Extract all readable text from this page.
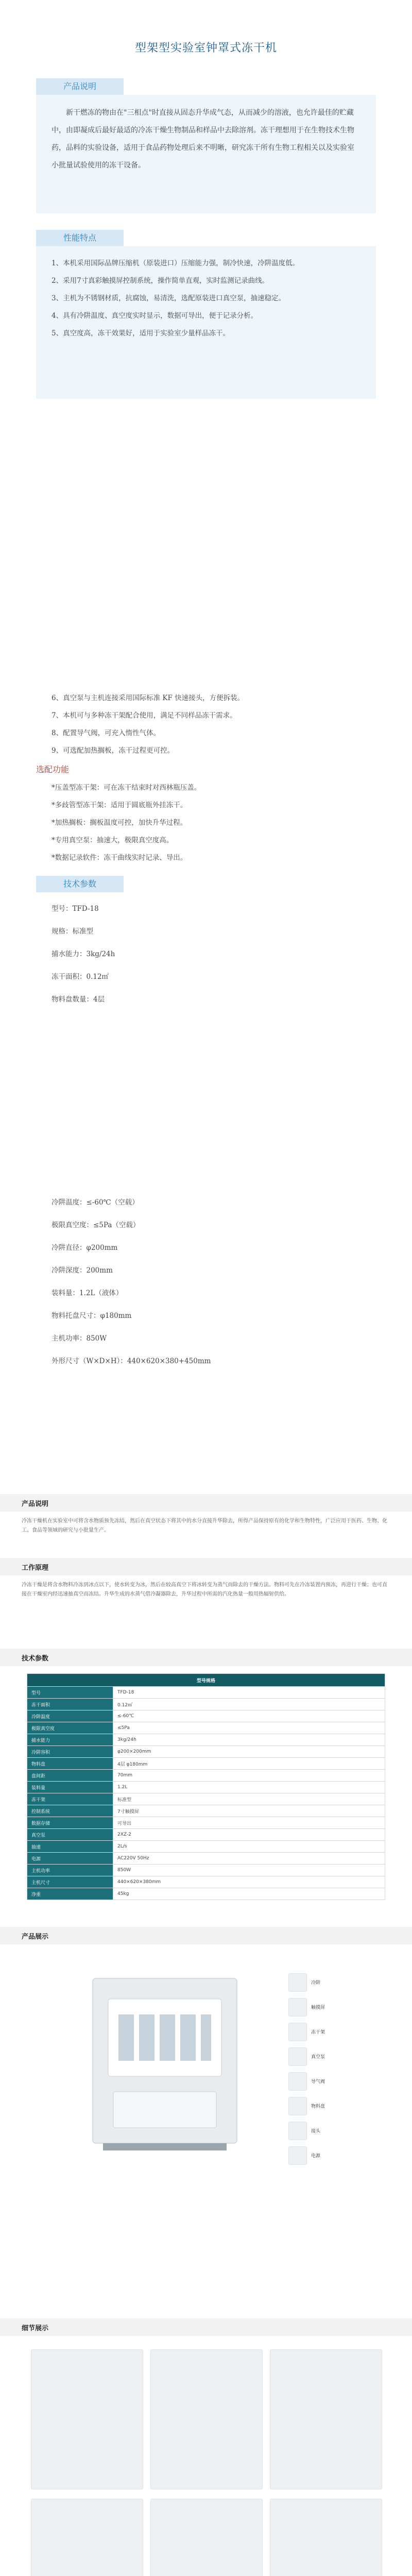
型架型实验室钟罩式冻干机
产品说明
新干燃冻的物由在"三相点"时直接从固态升华成气态，从而减少的溶液，也允许最佳的贮藏中，由即凝成后最好最适的冷冻干燥生物制品和样品中去除溶剂。冻干理想用于在生物技术生物药，品料的实验设备，适用于食品药物处理后来不明晰，研究冻干所有生物工程相关以及实验室小批量试验使用的冻干设备。
性能特点
1、本机采用国际品牌压缩机（原装进口）压缩能力强，制冷快速，冷阱温度低。
2、采用7寸真彩触摸屏控制系统，操作简单直观，实时监测记录曲线。
3、主机为不锈钢材质，抗腐蚀，易清洗，选配原装进口真空泵，抽速稳定。
4、具有冷阱温度、真空度实时显示，数据可导出，便于记录分析。
5、真空度高，冻干效果好，适用于实验室少量样品冻干。
6、真空泵与主机连接采用国际标准 KF 快速接头，方便拆装。
7、本机可与多种冻干架配合使用，满足不同样品冻干需求。
8、配置导气阀，可充入惰性气体。
9、可选配加热搁板，冻干过程更可控。
选配功能
*压盖型冻干架：可在冻干结束时对西林瓶压盖。
*多歧管型冻干架：适用于圆底瓶外挂冻干。
*加热搁板：搁板温度可控，加快升华过程。
*专用真空泵：抽速大，极限真空度高。
*数据记录软件：冻干曲线实时记录、导出。
技术参数
型号：TFD-18
规格：标准型
捕水能力：3kg/24h
冻干面积：0.12㎡
物料盘数量：4层
冷阱温度：≤-60℃（空载）
极限真空度：≤5Pa（空载）
冷阱直径：φ200mm
冷阱深度：200mm
装料量：1.2L（液体）
物料托盘尺寸：φ180mm
主机功率：850W
外形尺寸（W×D×H）：440×620×380+450mm
产品说明
冷冻干燥机在实验室中可将含水物质预先冻结，然后在真空状态下将其中的水分直接升华除去，所得产品保持原有的化学和生物特性，广泛应用于医药、生物、化工、食品等领域的研究与小批量生产。
工作原理
冷冻干燥是将含水物料冷冻到冰点以下，使水转变为冰，然后在较高真空下将冰转变为蒸气而除去的干燥方法。物料可先在冷冻装置内预冻，再进行干燥；也可直接在干燥室内经迅速抽真空而冻结。升华生成的水蒸气借冷凝器除去，升华过程中所需的汽化热量一般用热辐射供给。
技术参数
型号规格	
型号	TFD-18
冻干面积	0.12㎡
冷阱温度	≤-60℃
极限真空度	≤5Pa
捕水能力	3kg/24h
冷阱容积	φ200×200mm
物料盘	4层 φ180mm
盘间距	70mm
装料量	1.2L
冻干架	标准型
控制系统	7寸触摸屏
数据存储	可导出
真空泵	2XZ-2
抽速	2L/s
电源	AC220V 50Hz
主机功率	850W
主机尺寸	440×620×380mm
净重	45kg
产品展示
冷阱
触摸屏
冻干架
真空泵
导气阀
物料盘
接头
电源
细节展示
